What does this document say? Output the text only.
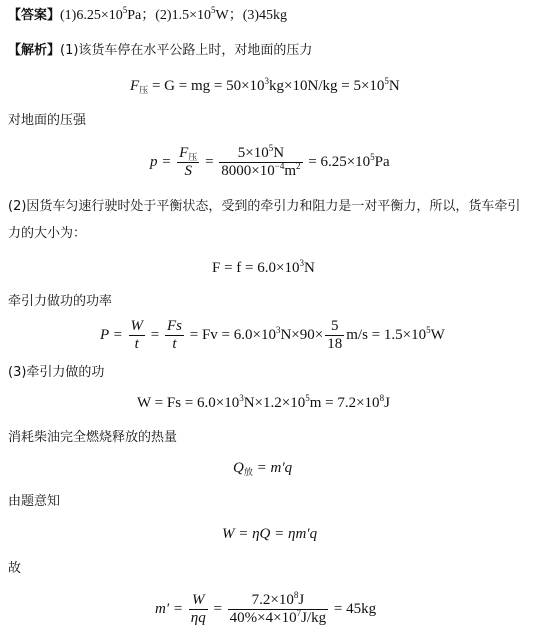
【答案】$(1)6.25\times 10^5Pa$；$(2)1.5\times 10^5W$；(3)45kg
【解析】(1)该货车停在水平公路上时，对地面的压力
$F_压 = G$ = mg = $50\times 10^3kg\times 10N/kg = 5\times 10^5N$
对地面的压强
$p = \frac{F_压}{S} = \frac{5\times 10^5N}{8000\times 10^{-4}m^2} = 6.25\times 10^5Pa$
(2)因货车匀速行驶时处于平衡状态，受到的牵引力和阻力是一对平衡力，所以，货车牵引
力的大小为：
$F = f = 6.0\times 10^3N$
牵引力做功的功率
$P = \frac{W}{t} = \frac{Fs}{t} = Fv = 6.0\times 10^3N\times 90\times \frac{5}{18} m/s = 1.5\times 10^5W$
(3)牵引力做的功
$W = Fs = 6.0\times 10^3N\times 1.2\times 10^5m = 7.2\times 10^8J$
消耗柴油完全燃烧释放的热量
$Q_放 = m'q$
由题意知
W = ηQ = ηm′q
故
$m' = \frac{W}{\eta q} = \frac{7.2\times 10^8J}{40\%\times 4\times 10^7J/kg} = 45kg$
